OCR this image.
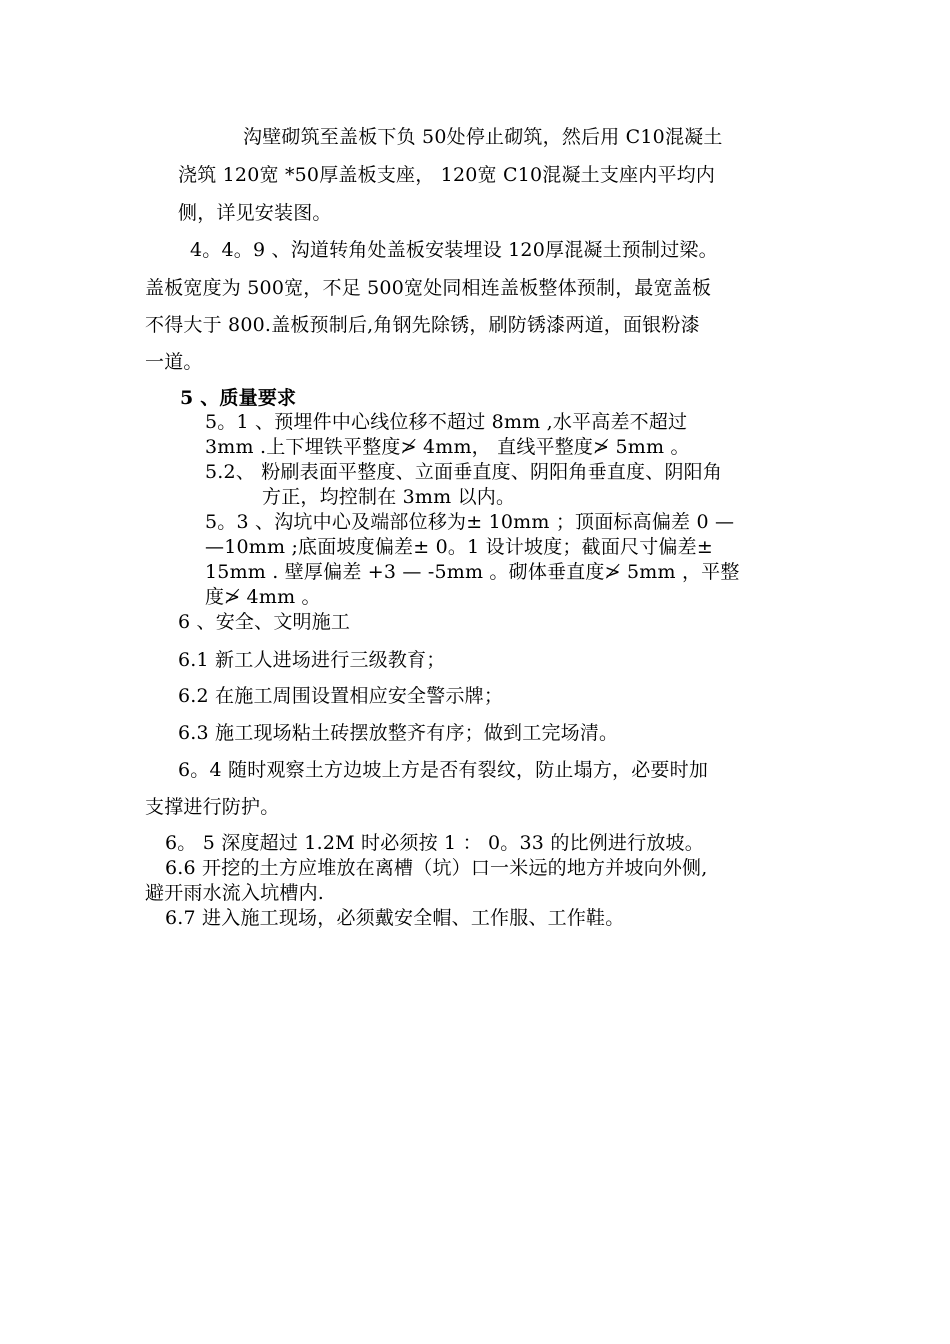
沟壁砌筑至盖板下负 50处停止砌筑，然后用 C10混凝土
浇筑 120宽 *50厚盖板支座， 120宽 C10混凝土支座内平均内
侧，详见安装图。
4。4。9 、沟道转角处盖板安装埋设 120厚混凝土预制过梁。
盖板宽度为 500宽，不足 500宽处同相连盖板整体预制，最宽盖板
不得大于 800.盖板预制后,角钢先除锈，刷防锈漆两道，面银粉漆
一道。
5 、质量要求
5。1 、预埋件中心线位移不超过 8mm ,水平高差不超过
3mm .上下埋铁平整度≯ 4mm， 直线平整度≯ 5mm 。
5.2、 粉刷表面平整度、立面垂直度、阴阳角垂直度、阴阳角
方正，均控制在 3mm 以内。
5。3 、沟坑中心及端部位移为± 10mm ；顶面标高偏差 0 —
—10mm ;底面坡度偏差± 0。1 设计坡度；截面尺寸偏差±
15mm . 壁厚偏差 +3 — -5mm 。砌体垂直度≯ 5mm ，平整
度≯ 4mm 。
6 、安全、文明施工
6.1 新工人进场进行三级教育；
6.2 在施工周围设置相应安全警示牌；
6.3 施工现场粘土砖摆放整齐有序；做到工完场清。
6。4 随时观察土方边坡上方是否有裂纹，防止塌方，必要时加
支撑进行防护。
6。 5 深度超过 1.2M 时必须按 1 ： 0。33 的比例进行放坡。
6.6 开挖的土方应堆放在离槽（坑）口一米远的地方并坡向外侧,
避开雨水流入坑槽内.
6.7 进入施工现场，必须戴安全帽、工作服、工作鞋。
